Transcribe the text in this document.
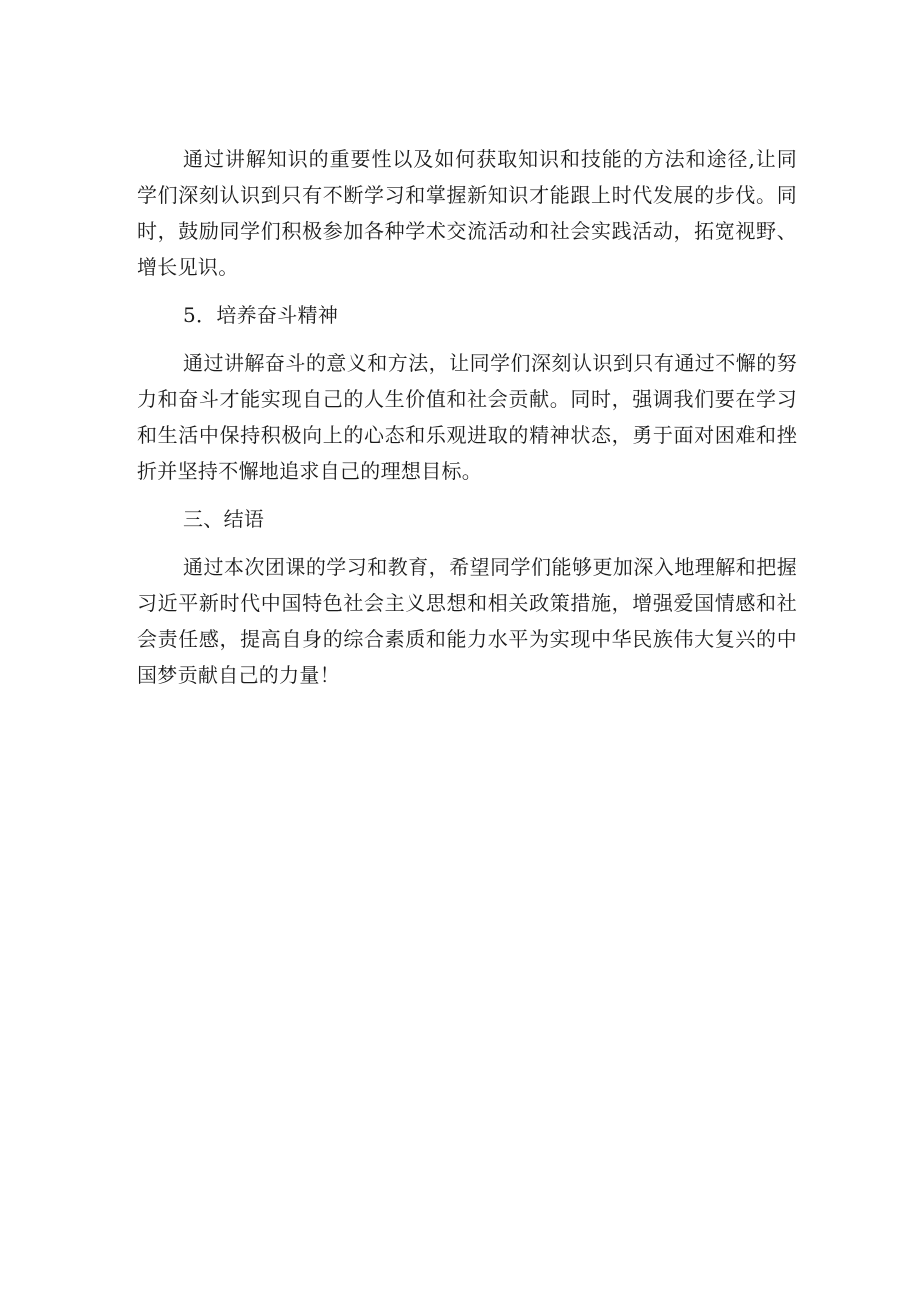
通过讲解知识的重要性以及如何获取知识和技能的方法和途径,让同
学们深刻认识到只有不断学习和掌握新知识才能跟上时代发展的步伐。同
时，鼓励同学们积极参加各种学术交流活动和社会实践活动，拓宽视野、
增长见识。
5．培养奋斗精神
通过讲解奋斗的意义和方法，让同学们深刻认识到只有通过不懈的努
力和奋斗才能实现自己的人生价值和社会贡献。同时，强调我们要在学习
和生活中保持积极向上的心态和乐观进取的精神状态，勇于面对困难和挫
折并坚持不懈地追求自己的理想目标。
三、结语
通过本次团课的学习和教育，希望同学们能够更加深入地理解和把握
习近平新时代中国特色社会主义思想和相关政策措施，增强爱国情感和社
会责任感，提高自身的综合素质和能力水平为实现中华民族伟大复兴的中
国梦贡献自己的力量！
